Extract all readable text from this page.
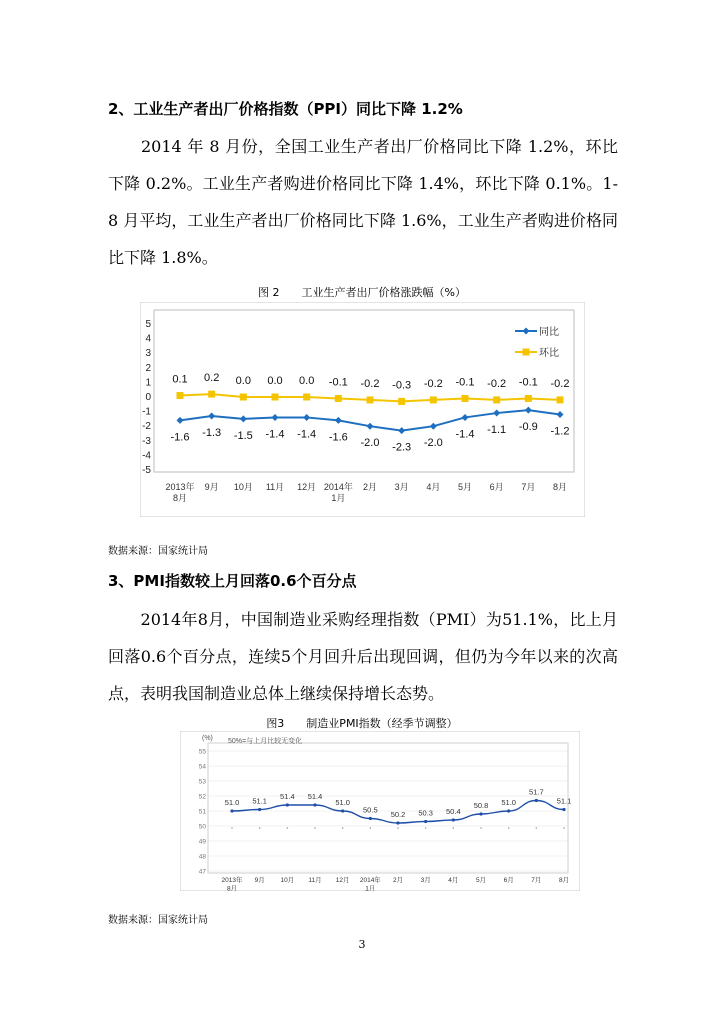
2、工业生产者出厂价格指数（PPI）同比下降 1.2%

　　2014 年 8 月份，全国工业生产者出厂价格同比下降 1.2%，环比下降 0.2%。工业生产者购进价格同比下降 1.4%，环比下降 0.1%。1-8 月平均，工业生产者出厂价格同比下降 1.6%，工业生产者购进价格同比下降 1.8%。

图 2　　工业生产者出厂价格涨跌幅（%）
5
4
3
2
1
0
-1
-2
-3
-4
-5
2013年
8月
9月 10月 11月 12月 2014年
1月
2月 3月 4月 5月 6月 7月 8月
-1.6 -1.3 -1.5 -1.4 -1.4 -1.6 -2.0 -2.3 -2.0
-1.4 -1.1 -0.9 -1.2
0.1 0.2 0.0 0.0 0.0 -0.1 -0.2 -0.3 -0.2 -0.1 -0.2 -0.1 -0.2
同比
环比
数据来源：国家统计局
3、PMI指数较上月回落0.6个百分点

　　2014年8月，中国制造业采购经理指数（PMI）为51.1%，比上月回落0.6个百分点，连续5个月回升后出现回调，但仍为今年以来的次高点，表明我国制造业总体上继续保持增长态势。

图3　　制造业PMI指数（经季节调整）
(%) 50%=与上月比较无变化
55
54
53
52
51
50
49
48
47
2013年
8月
9月 10月 11月 12月 2014年
1月
2月	3月	4月	5月	6月	7月	8月
51.0 51.1 51.4 51.4
51.0
50.5 50.2 50.3 50.4
50.8 51.0
51.7
51.1
数据来源：国家统计局
3
